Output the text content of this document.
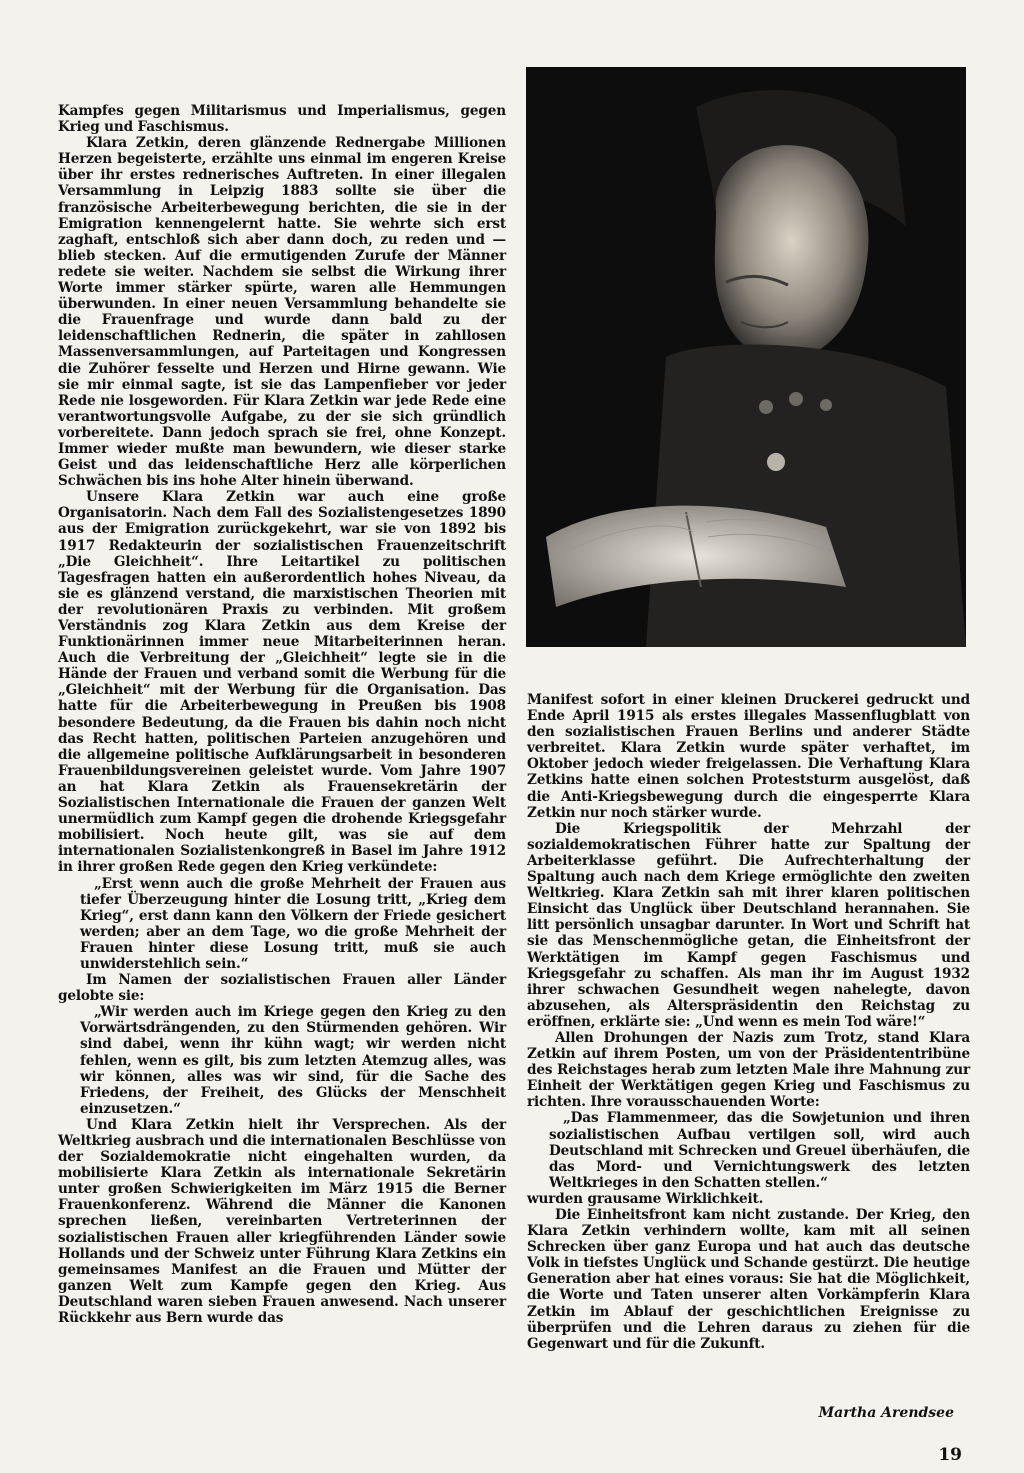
Kampfes gegen Militarismus und Imperialismus, gegen Krieg und Faschismus.

Klara Zetkin, deren glänzende Rednergabe Millionen Herzen begeisterte, erzählte uns einmal im engeren Kreise über ihr erstes rednerisches Auftreten. In einer illegalen Versammlung in Leipzig 1883 sollte sie über die französische Arbeiterbewegung berichten, die sie in der Emigration kennengelernt hatte. Sie wehrte sich erst zaghaft, entschloß sich aber dann doch, zu reden und — blieb stecken. Auf die ermutigenden Zurufe der Männer redete sie weiter. Nachdem sie selbst die Wirkung ihrer Worte immer stärker spürte, waren alle Hemmungen überwunden. In einer neuen Versammlung behandelte sie die Frauenfrage und wurde dann bald zu der leidenschaftlichen Rednerin, die später in zahllosen Massenversammlungen, auf Parteitagen und Kongressen die Zuhörer fesselte und Herzen und Hirne gewann. Wie sie mir einmal sagte, ist sie das Lampenfieber vor jeder Rede nie losgeworden. Für Klara Zetkin war jede Rede eine verantwortungsvolle Aufgabe, zu der sie sich gründlich vorbereitete. Dann jedoch sprach sie frei, ohne Konzept. Immer wieder mußte man bewundern, wie dieser starke Geist und das leidenschaftliche Herz alle körperlichen Schwächen bis ins hohe Alter hinein überwand.

Unsere Klara Zetkin war auch eine große Organisatorin. Nach dem Fall des Sozialistengesetzes 1890 aus der Emigration zurückgekehrt, war sie von 1892 bis 1917 Redakteurin der sozialistischen Frauenzeitschrift „Die Gleichheit“. Ihre Leitartikel zu politischen Tagesfragen hatten ein außerordentlich hohes Niveau, da sie es glänzend verstand, die marxistischen Theorien mit der revolutionären Praxis zu verbinden. Mit großem Verständnis zog Klara Zetkin aus dem Kreise der Funktionärinnen immer neue Mitarbeiterinnen heran. Auch die Verbreitung der „Gleichheit“ legte sie in die Hände der Frauen und verband somit die Werbung für die „Gleichheit“ mit der Werbung für die Organisation. Das hatte für die Arbeiterbewegung in Preußen bis 1908 besondere Bedeutung, da die Frauen bis dahin noch nicht das Recht hatten, politischen Parteien anzugehören und die allgemeine politische Aufklärungsarbeit in besonderen Frauenbildungsvereinen geleistet wurde. Vom Jahre 1907 an hat Klara Zetkin als Frauensekretärin der Sozialistischen Internationale die Frauen der ganzen Welt unermüdlich zum Kampf gegen die drohende Kriegsgefahr mobilisiert. Noch heute gilt, was sie auf dem internationalen Sozialistenkongreß in Basel im Jahre 1912 in ihrer großen Rede gegen den Krieg verkündete:

„Erst wenn auch die große Mehrheit der Frauen aus tiefer Überzeugung hinter die Losung tritt, „Krieg dem Krieg“, erst dann kann den Völkern der Friede gesichert werden; aber an dem Tage, wo die große Mehrheit der Frauen hinter diese Losung tritt, muß sie auch unwiderstehlich sein.“

Im Namen der sozialistischen Frauen aller Länder gelobte sie:

„Wir werden auch im Kriege gegen den Krieg zu den Vorwärtsdrängenden, zu den Stürmenden gehören. Wir sind dabei, wenn ihr kühn wagt; wir werden nicht fehlen, wenn es gilt, bis zum letzten Atemzug alles, was wir können, alles was wir sind, für die Sache des Friedens, der Freiheit, des Glücks der Menschheit einzusetzen.“

Und Klara Zetkin hielt ihr Versprechen. Als der Weltkrieg ausbrach und die internationalen Beschlüsse von der Sozialdemokratie nicht eingehalten wurden, da mobilisierte Klara Zetkin als internationale Sekretärin unter großen Schwierigkeiten im März 1915 die Berner Frauenkonferenz. Während die Männer die Kanonen sprechen ließen, vereinbarten Vertreterinnen der sozialistischen Frauen aller kriegführenden Länder sowie Hollands und der Schweiz unter Führung Klara Zetkins ein gemeinsames Manifest an die Frauen und Mütter der ganzen Welt zum Kampfe gegen den Krieg. Aus Deutschland waren sieben Frauen anwesend. Nach unserer Rückkehr aus Bern wurde das

Manifest sofort in einer kleinen Druckerei gedruckt und Ende April 1915 als erstes illegales Massenflugblatt von den sozialistischen Frauen Berlins und anderer Städte verbreitet. Klara Zetkin wurde später verhaftet, im Oktober jedoch wieder freigelassen. Die Verhaftung Klara Zetkins hatte einen solchen Proteststurm ausgelöst, daß die Anti-Kriegsbewegung durch die eingesperrte Klara Zetkin nur noch stärker wurde.

Die Kriegspolitik der Mehrzahl der sozialdemokratischen Führer hatte zur Spaltung der Arbeiterklasse geführt. Die Aufrechterhaltung der Spaltung auch nach dem Kriege ermöglichte den zweiten Weltkrieg. Klara Zetkin sah mit ihrer klaren politischen Einsicht das Unglück über Deutschland herannahen. Sie litt persönlich unsagbar darunter. In Wort und Schrift hat sie das Menschenmögliche getan, die Einheitsfront der Werktätigen im Kampf gegen Faschismus und Kriegsgefahr zu schaffen. Als man ihr im August 1932 ihrer schwachen Gesundheit wegen nahelegte, davon abzusehen, als Alterspräsidentin den Reichstag zu eröffnen, erklärte sie: „Und wenn es mein Tod wäre!“

Allen Drohungen der Nazis zum Trotz, stand Klara Zetkin auf ihrem Posten, um von der Präsidententribüne des Reichstages herab zum letzten Male ihre Mahnung zur Einheit der Werktätigen gegen Krieg und Faschismus zu richten. Ihre vorausschauenden Worte:

„Das Flammenmeer, das die Sowjetunion und ihren sozialistischen Aufbau vertilgen soll, wird auch Deutschland mit Schrecken und Greuel überhäufen, die das Mord- und Vernichtungswerk des letzten Weltkrieges in den Schatten stellen.“

wurden grausame Wirklichkeit.

Die Einheitsfront kam nicht zustande. Der Krieg, den Klara Zetkin verhindern wollte, kam mit all seinen Schrecken über ganz Europa und hat auch das deutsche Volk in tiefstes Unglück und Schande gestürzt. Die heutige Generation aber hat eines voraus: Sie hat die Möglichkeit, die Worte und Taten unserer alten Vorkämpferin Klara Zetkin im Ablauf der geschichtlichen Ereignisse zu überprüfen und die Lehren daraus zu ziehen für die Gegenwart und für die Zukunft.

Martha Arendsee
19
